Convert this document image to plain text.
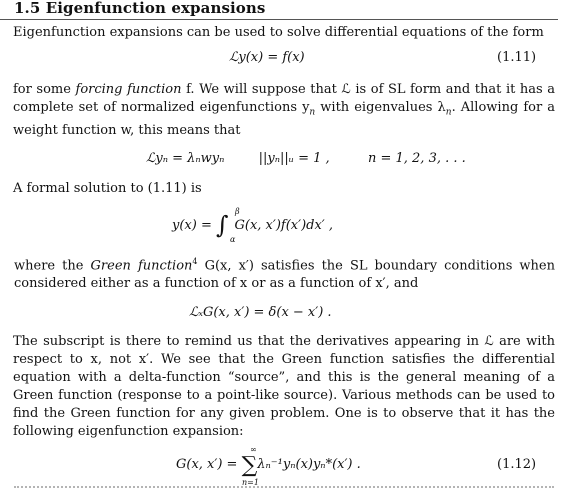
1.5 Eigenfunction expansions

Eigenfunction expansions can be used to solve differential equations of the form

ℒy(x) = f(x)	(1.11)

for some forcing function f. We will suppose that ℒ is of SL form and that it has a complete set of normalized eigenfunctions $y_n$ with eigenvalues $\lambda_n$. Allowing for a weight function w, this means that

ℒyₙ = λₙwyₙ	||yₙ||ᵤ = 1 ,	n = 1, 2, 3, . . .

A formal solution to (1.11) is

y(x) = ∫ G(x, x′)f(x′)dx′ ,
β
α

where the Green function$^4$ G(x, x′) satisfies the SL boundary conditions when considered either as a function of x or as a function of x′, and

ℒₓG(x, x′) = δ(x − x′) .

The subscript is there to remind us that the derivatives appearing in ℒ are with respect to x, not x′. We see that the Green function satisfies the differential equation with a delta-function “source”, and this is the general meaning of a Green function (response to a point-like source). Various methods can be used to find the Green function for any given problem. One is to observe that it has the following eigenfunction expansion:

G(x, x′) = ∑λₙ⁻¹yₙ(x)yₙ*(x′) .
∞
n=1
(1.12)
